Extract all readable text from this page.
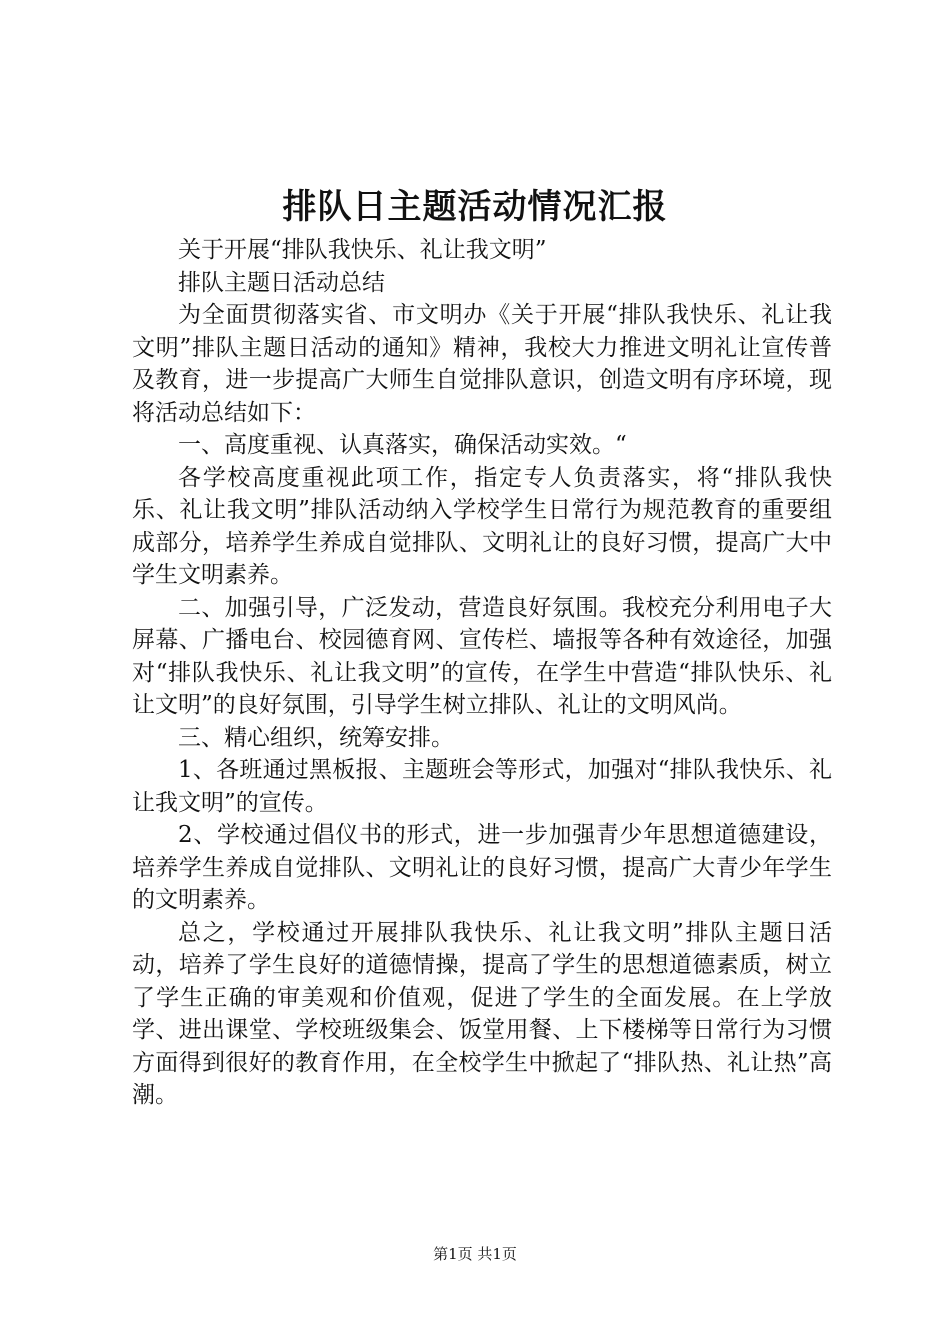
排队日主题活动情况汇报

关于开展“排队我快乐、礼让我文明”

排队主题日活动总结

为全面贯彻落实省、市文明办《关于开展“排队我快乐、礼让我文明”排队主题日活动的通知》精神，我校大力推进文明礼让宣传普及教育，进一步提高广大师生自觉排队意识，创造文明有序环境，现将活动总结如下：

一、高度重视、认真落实，确保活动实效。“

各学校高度重视此项工作，指定专人负责落实，将“排队我快乐、礼让我文明”排队活动纳入学校学生日常行为规范教育的重要组成部分，培养学生养成自觉排队、文明礼让的良好习惯，提高广大中学生文明素养。

二、加强引导，广泛发动，营造良好氛围。我校充分利用电子大屏幕、广播电台、校园德育网、宣传栏、墙报等各种有效途径，加强对“排队我快乐、礼让我文明”的宣传，在学生中营造“排队快乐、礼让文明”的良好氛围，引导学生树立排队、礼让的文明风尚。

三、精心组织，统筹安排。

1、各班通过黑板报、主题班会等形式，加强对“排队我快乐、礼让我文明”的宣传。

2、学校通过倡仪书的形式，进一步加强青少年思想道德建设，培养学生养成自觉排队、文明礼让的良好习惯，提高广大青少年学生的文明素养。

总之，学校通过开展排队我快乐、礼让我文明”排队主题日活动，培养了学生良好的道德情操，提高了学生的思想道德素质，树立了学生正确的审美观和价值观，促进了学生的全面发展。在上学放学、进出课堂、学校班级集会、饭堂用餐、上下楼梯等日常行为习惯方面得到很好的教育作用，在全校学生中掀起了“排队热、礼让热”高潮。

第1页 共1页
